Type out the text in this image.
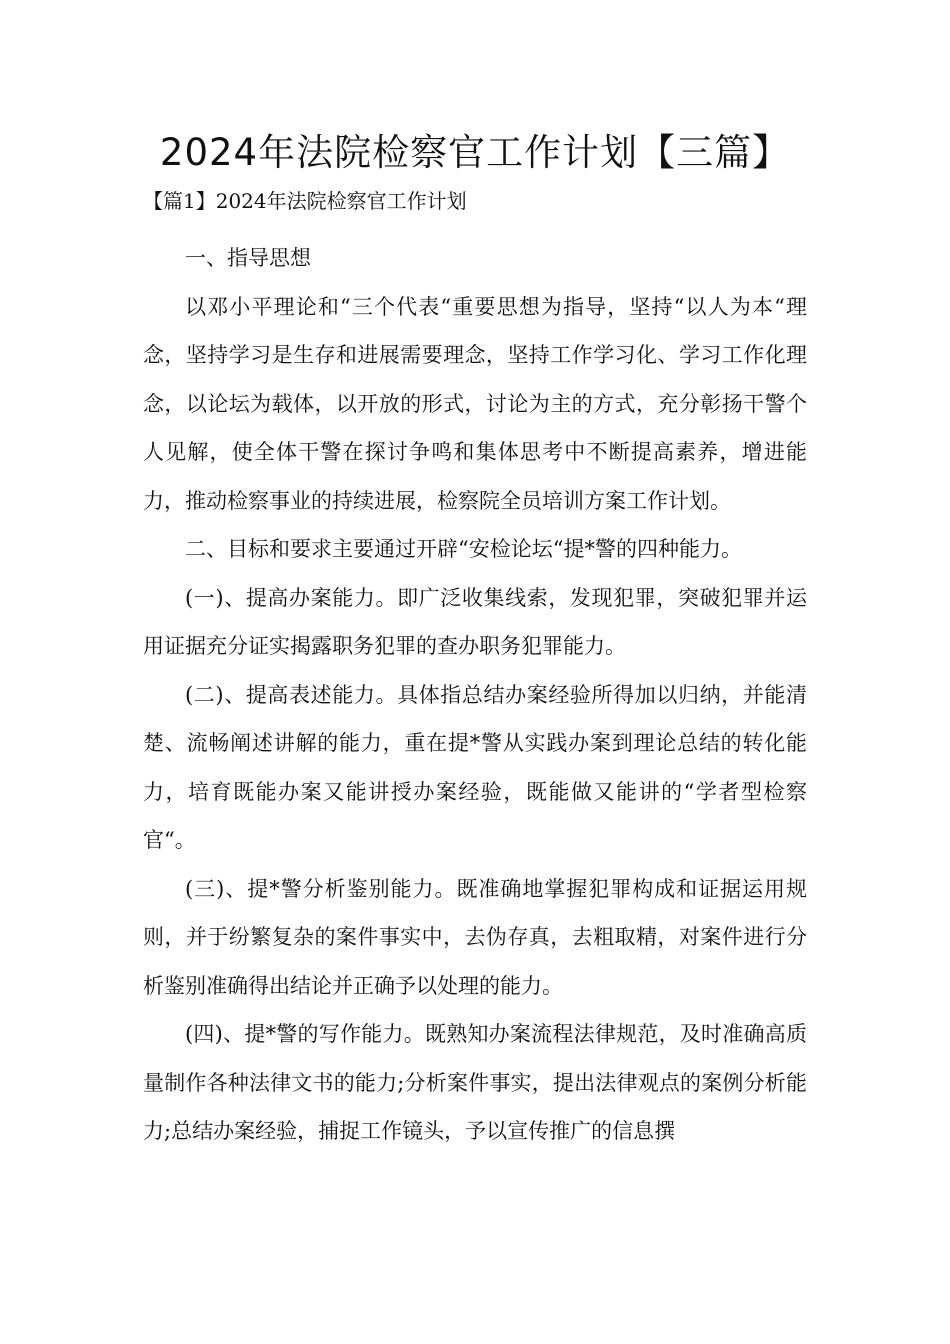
2024年法院检察官工作计划【三篇】
【篇1】2024年法院检察官工作计划

一、指导思想

以邓小平理论和“三个代表“重要思想为指导，坚持“以人为本“理念，坚持学习是生存和进展需要理念，坚持工作学习化、学习工作化理念，以论坛为载体，以开放的形式，讨论为主的方式，充分彰扬干警个人见解，使全体干警在探讨争鸣和集体思考中不断提高素养，增进能力，推动检察事业的持续进展，检察院全员培训方案工作计划。

二、目标和要求主要通过开辟“安检论坛“提*警的四种能力。

(一)、提高办案能力。即广泛收集线索，发现犯罪，突破犯罪并运用证据充分证实揭露职务犯罪的查办职务犯罪能力。

(二)、提高表述能力。具体指总结办案经验所得加以归纳，并能清楚、流畅阐述讲解的能力，重在提*警从实践办案到理论总结的转化能力，培育既能办案又能讲授办案经验，既能做又能讲的“学者型检察官“。

(三)、提*警分析鉴别能力。既准确地掌握犯罪构成和证据运用规则，并于纷繁复杂的案件事实中，去伪存真，去粗取精，对案件进行分析鉴别准确得出结论并正确予以处理的能力。

(四)、提*警的写作能力。既熟知办案流程法律规范，及时准确高质量制作各种法律文书的能力;分析案件事实，提出法律观点的案例分析能力;总结办案经验，捕捉工作镜头，予以宣传推广的信息撰
